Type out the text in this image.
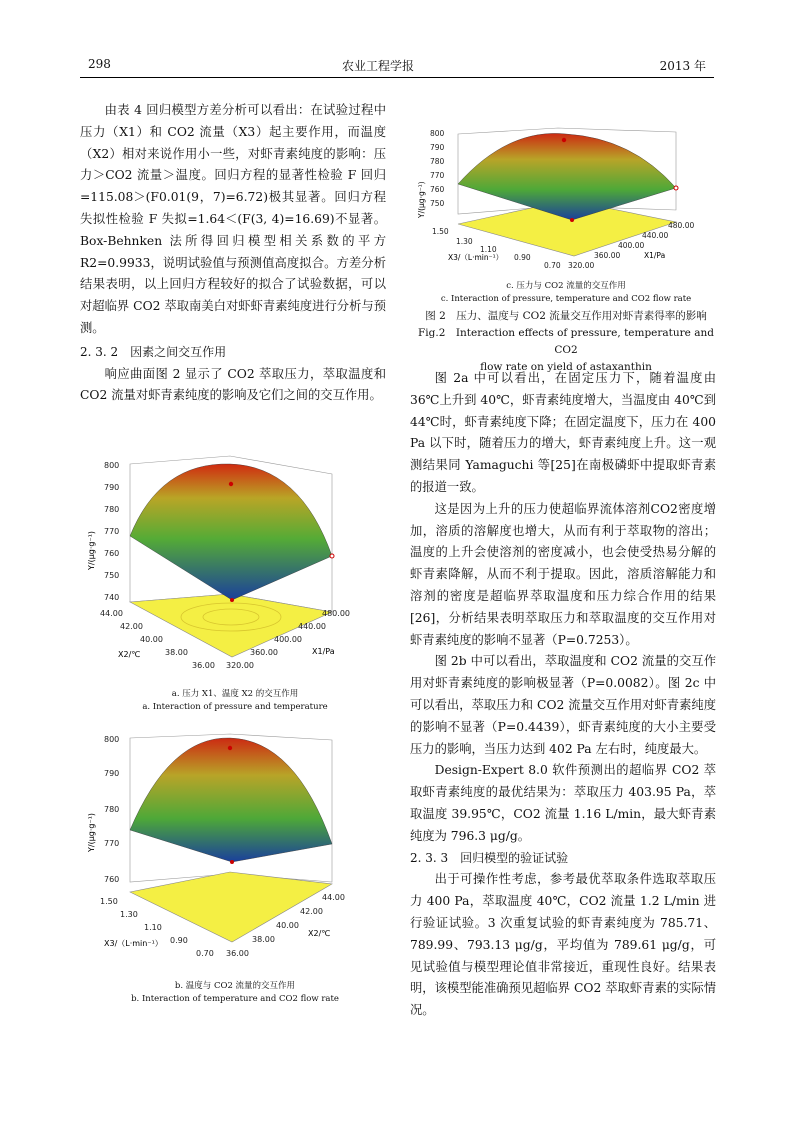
298	农业工程学报	2013 年

由表 4 回归模型方差分析可以看出：在试验过程中压力（X1）和 CO2 流量（X3）起主要作用，而温度（X2）相对来说作用小一些，对虾青素纯度的影响：压力＞CO2 流量＞温度。回归方程的显著性检验 F 回归=115.08＞(F0.01(9，7)=6.72)极其显著。回归方程失拟性检验 F 失拟=1.64＜(F(3, 4)=16.69)不显著。Box-Behnken 法所得回归模型相关系数的平方 R2=0.9933，说明试验值与预测值高度拟合。方差分析结果表明，以上回归方程较好的拟合了试验数据，可以对超临界 CO2 萃取南美白对虾虾青素纯度进行分析与预测。

2. 3. 2　因素之间交互作用

响应曲面图 2 显示了 CO2 萃取压力，萃取温度和 CO2 流量对虾青素纯度的影响及它们之间的交互作用。

800
790
780
770
760
750
740
Y/(μg·g⁻¹)
44.00
42.00
40.00
38.00
36.00
X2/℃
320.00
360.00
400.00
440.00
480.00
X1/Pa
a. 压力 X1、温度 X2 的交互作用
a. Interaction of pressure and temperature
800
790
780
770
760
Y/(μg·g⁻¹)
1.50
1.30
1.10
0.90
0.70
X3/（L·min⁻¹）
36.00
38.00
40.00
42.00
44.00
X2/℃
b. 温度与 CO2 流量的交互作用
b. Interaction of temperature and CO2 flow rate
800
790
780
770
760
750
Y/(μg·g⁻¹)
1.50
1.30
1.10
0.90
0.70
X3/（L·min⁻¹）
320.00
360.00
400.00
440.00
480.00
X1/Pa
c. 压力与 CO2 流量的交互作用
c. Interaction of pressure, temperature and CO2 flow rate
图 2　压力、温度与 CO2 流量交互作用对虾青素得率的影响
Fig.2　Interaction effects of pressure, temperature and CO2
flow rate on yield of astaxanthin

图 2a 中可以看出，在固定压力下，随着温度由 36℃上升到 40℃，虾青素纯度增大，当温度由 40℃到 44℃时，虾青素纯度下降；在固定温度下，压力在 400 Pa 以下时，随着压力的增大，虾青素纯度上升。这一观测结果同 Yamaguchi 等[25]在南极磷虾中提取虾青素的报道一致。

这是因为上升的压力使超临界流体溶剂CO2密度增加，溶质的溶解度也增大，从而有利于萃取物的溶出；温度的上升会使溶剂的密度减小，也会使受热易分解的虾青素降解，从而不利于提取。因此，溶质溶解能力和溶剂的密度是超临界萃取温度和压力综合作用的结果[26]，分析结果表明萃取压力和萃取温度的交互作用对虾青素纯度的影响不显著（P=0.7253）。

图 2b 中可以看出，萃取温度和 CO2 流量的交互作用对虾青素纯度的影响极显著（P=0.0082）。图 2c 中可以看出，萃取压力和 CO2 流量交互作用对虾青素纯度的影响不显著（P=0.4439），虾青素纯度的大小主要受压力的影响，当压力达到 402 Pa 左右时，纯度最大。

Design-Expert 8.0 软件预测出的超临界 CO2 萃取虾青素纯度的最优结果为：萃取压力 403.95 Pa，萃取温度 39.95℃，CO2 流量 1.16 L/min，最大虾青素纯度为 796.3 μg/g。

2. 3. 3　回归模型的验证试验

出于可操作性考虑，参考最优萃取条件选取萃取压力 400 Pa，萃取温度 40℃，CO2 流量 1.2 L/min 进行验证试验。3 次重复试验的虾青素纯度为 785.71、789.99、793.13 μg/g，平均值为 789.61 μg/g，可见试验值与模型理论值非常接近，重现性良好。结果表明，该模型能准确预见超临界 CO2 萃取虾青素的实际情况。
